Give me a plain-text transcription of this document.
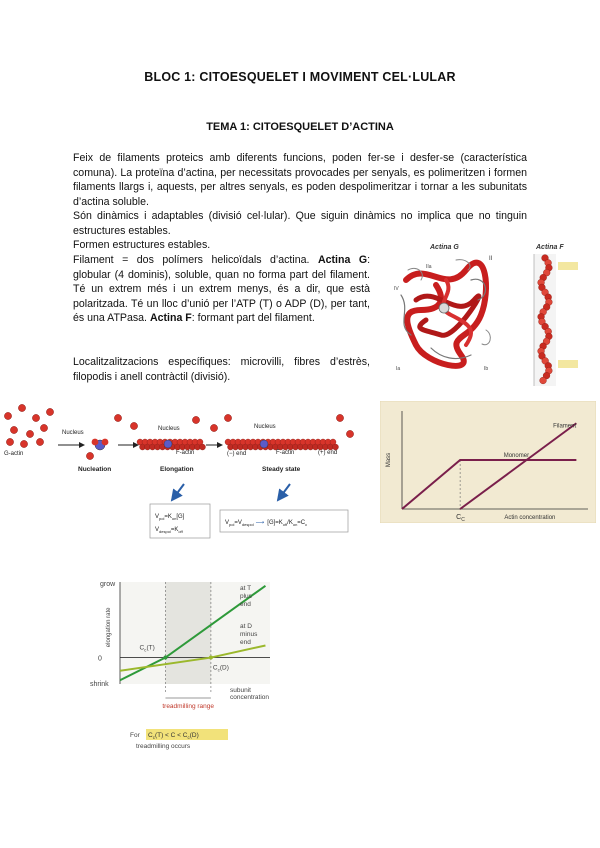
BLOC 1: CITOESQUELET I MOVIMENT CEL·LULAR
TEMA 1: CITOESQUELET D’ACTINA

Feix de filaments proteics amb diferents funcions, poden fer-se i desfer-se (característica comuna). La proteïna d’actina, per necessitats provocades per senyals, es polimeritzen i formen filaments llargs i, aquests, per altres senyals, es poden despolimeritzar i tornar a les subunitats d’actina soluble.

Són dinàmics i adaptables (divisió cel·lular). Que siguin dinàmics no implica que no tinguin estructures estables.

Formen estructures estables.

Filament = dos polímers helicoïdals d’actina. Actina G: globular (4 dominis), soluble, quan no forma part del filament. Té un extrem més i un extrem menys, és a dir, que està polaritzada. Té un lloc d’unió per l’ATP (T) o ADP (D), per tant, és una ATPasa. Actina F: formant part del filament.

Localitzalitzacions específiques: microvilli, fibres d’estrès, filopodis i anell contràctil (divisió).

Actina G	Actina F
II
IV
Ia	Ib
IIa
G-actin
Nucleus
Nucleus	Nucleus
F-actin	F-actin
(−) end	(+) end
Nucleation	Elongation	Steady state
$V_{pol}=K_{on}[G]$
$V_{despol}=K_{off}$
$V_{pol}=V_{despol}$ ⟶ $[G]=K_{off}/K_{on}=C_c$
Monomer
Filament
Mass
Actin concentration
$C_C$
grow
0
shrink
elongation rate
at T
plus
end
at D
minus
end
$C_c(T)$
$C_c(D)$
subunit
concentration
treadmilling range
For $C_c(T) < C < C_c(D)$
treadmilling occurs
